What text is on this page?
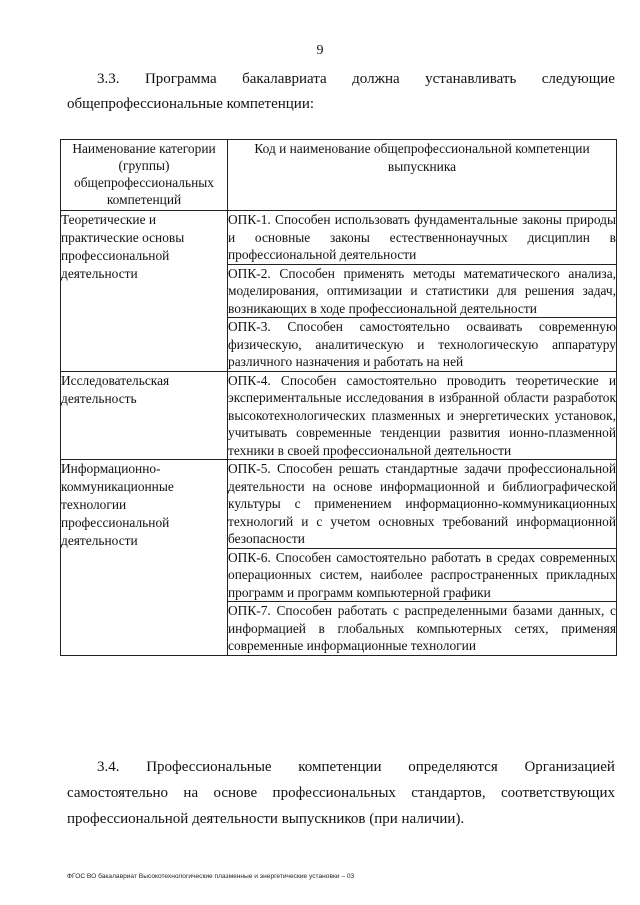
9
3.3. Программа бакалавриата должна устанавливать следующие
общепрофессиональные компетенции:
Наименование категории (группы) общепрофессиональных компетенций	Код и наименование общепрофессиональной компетенции выпускника
Теоретические и практические основы профессиональной деятельности	ОПК-1. Способен использовать фундаментальные законы природы и основные законы естественнонаучных дисциплин в профессиональной деятельности
	ОПК-2. Способен применять методы математического анализа, моделирования, оптимизации и статистики для решения задач, возникающих в ходе профессиональной деятельности
	ОПК-3. Способен самостоятельно осваивать современную физическую, аналитическую и технологическую аппаратуру различного назначения и работать на ней
Исследовательская деятельность	ОПК-4. Способен самостоятельно проводить теоретические и экспериментальные исследования в избранной области разработок высокотехнологических плазменных и энергетических установок, учитывать современные тенденции развития ионно-плазменной техники в своей профессиональной деятельности
Информационно-коммуникационные технологии профессиональной деятельности	ОПК-5. Способен решать стандартные задачи профессиональной деятельности на основе информационной и библиографической культуры с применением информационно-коммуникационных технологий и с учетом основных требований информационной безопасности
	ОПК-6. Способен самостоятельно работать в средах современных операционных систем, наиболее распространенных прикладных программ и программ компьютерной графики
	ОПК-7. Способен работать с распределенными базами данных, с информацией в глобальных компьютерных сетях, применяя современные информационные технологии
3.4. Профессиональные компетенции определяются Организацией
самостоятельно на основе профессиональных стандартов, соответствующих
профессиональной деятельности выпускников (при наличии).
ФГОС ВО бакалавриат Высокотехнологические плазменные и энергетические установки – 03
